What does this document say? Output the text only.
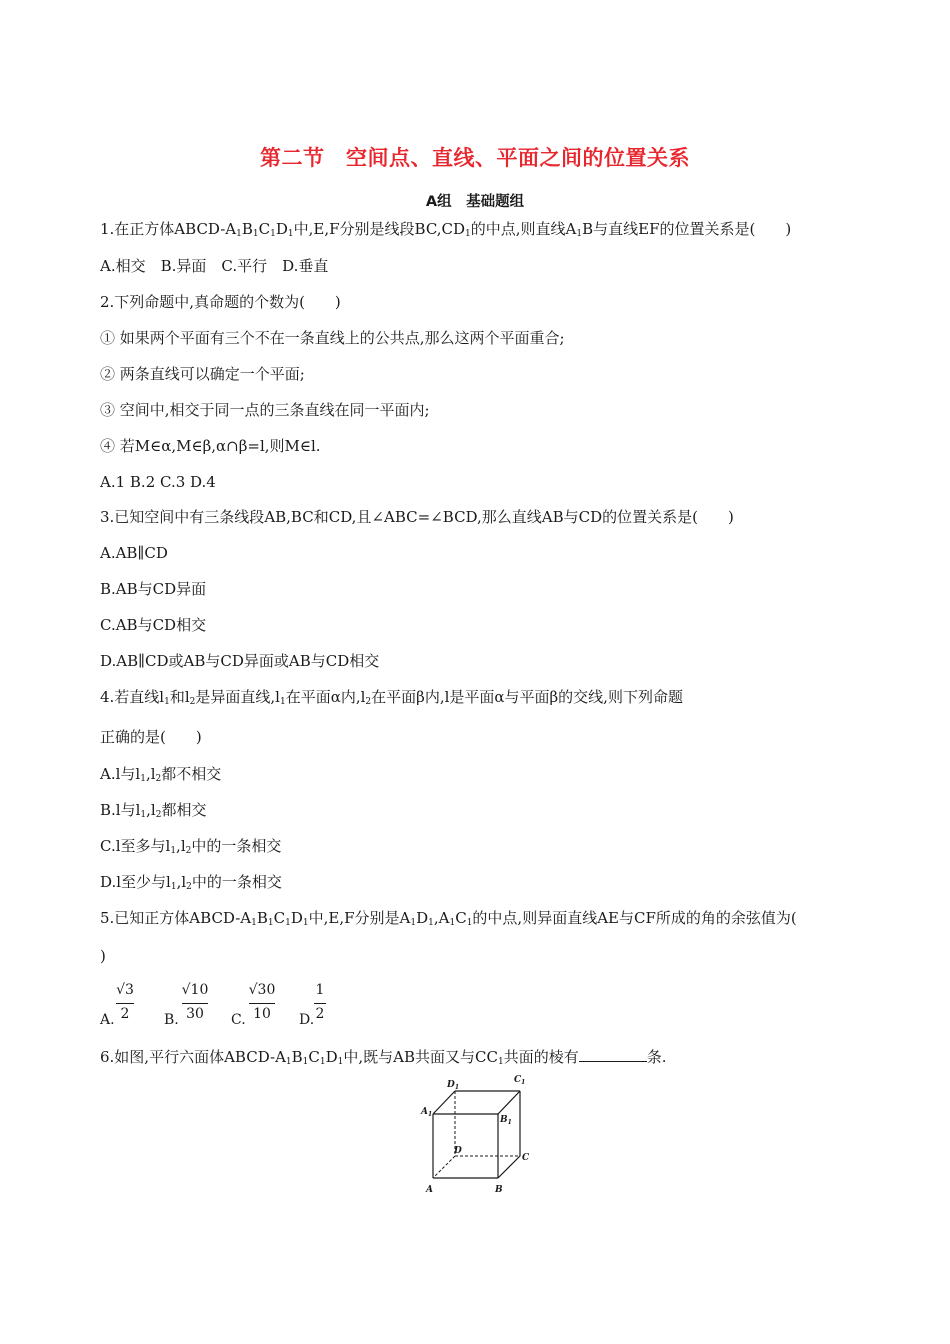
第二节　空间点、直线、平面之间的位置关系
A组　基础题组
1.在正方体ABCD-$A_1B_1C_1D_1$中,E,F分别是线段$BC,CD_1$的中点,则直线$A_1B$与直线EF的位置关系是(　　)
A.相交　B.异面　C.平行　D.垂直
2.下列命题中,真命题的个数为(　　)
① 如果两个平面有三个不在一条直线上的公共点,那么这两个平面重合;
② 两条直线可以确定一个平面;
③ 空间中,相交于同一点的三条直线在同一平面内;
④ 若M∈α,M∈β,α∩β=l,则M∈l.
A.1 B.2 C.3 D.4
3.已知空间中有三条线段AB,BC和CD,且∠ABC=∠BCD,那么直线AB与CD的位置关系是(　　)
A.AB∥CD
B.AB与CD异面
C.AB与CD相交
D.AB∥CD或AB与CD异面或AB与CD相交
4.若直线$l_1$和$l_2$是异面直线$,l_1$在平面α内$,l_2$在平面β内,l是平面α与平面β的交线,则下列命题
正确的是(　　)
A.l与$l_1,l_2$都不相交
B.l与$l_1,l_2$都相交
C.l至多与$l_1,l_2$中的一条相交
D.l至少与$l_1,l_2$中的一条相交
5.已知正方体ABCD-$A_1B_1C_1D_1$中,E,F分别是$A_1D_1,A_1C_1$的中点,则异面直线AE与CF所成的角的余弦值为(
)
A.
√3
2	B.
√10
30	C.
√30
10	D.
1
2
6.如图,平行六面体ABCD-$A_1B_1C_1D_1$中,既与AB共面又与$CC_1$共面的棱有	条.
$D_1$
$C_1$
$A_1$
$B_1$
D
C
A	B
